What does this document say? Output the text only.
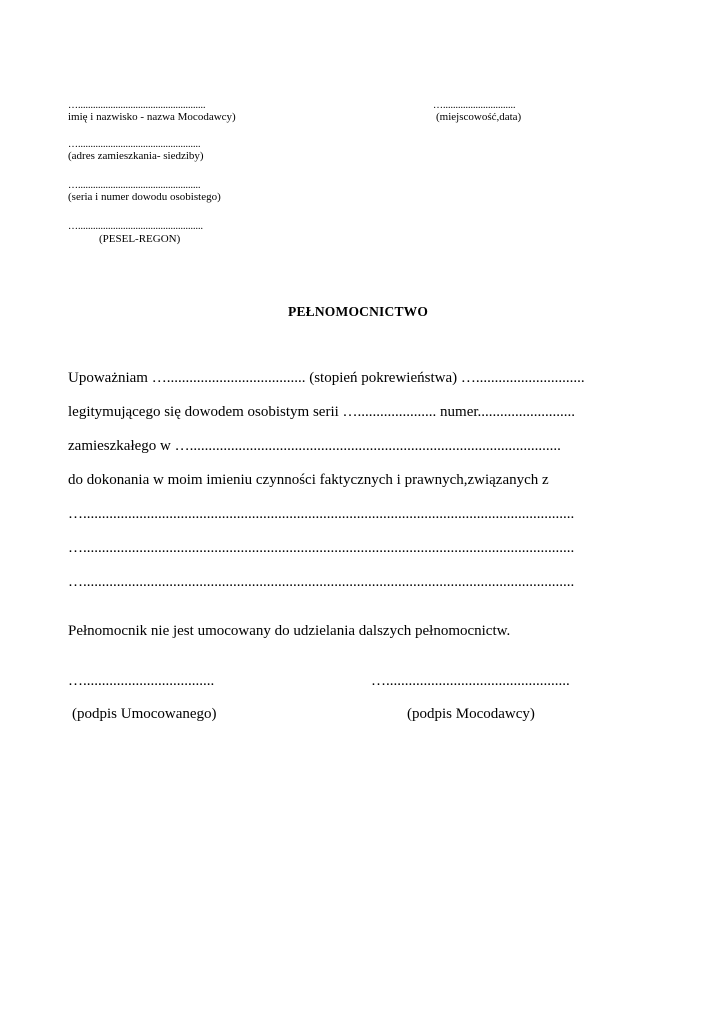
…...................................................
imię i nazwisko - nazwa Mocodawcy)
….............................
(miejscowość,data)
….................................................
(adres zamieszkania- siedziby)
….................................................
(seria i numer dowodu osobistego)
…..................................................
(PESEL-REGON)
PEŁNOMOCNICTWO
Upoważniam …..................................... (stopień pokrewieństwa) ….............................
legitymującego się dowodem osobistym serii …..................... numer..........................
zamieszkałego w …...................................................................................................
do dokonania w moim imieniu czynności faktycznych i prawnych,związanych z
…...................................................................................................................................
…...................................................................................................................................
…...................................................................................................................................
Pełnomocnik nie jest umocowany do udzielania dalszych pełnomocnictw.
…...................................	….................................................
(podpis Umocowanego)	(podpis Mocodawcy)
